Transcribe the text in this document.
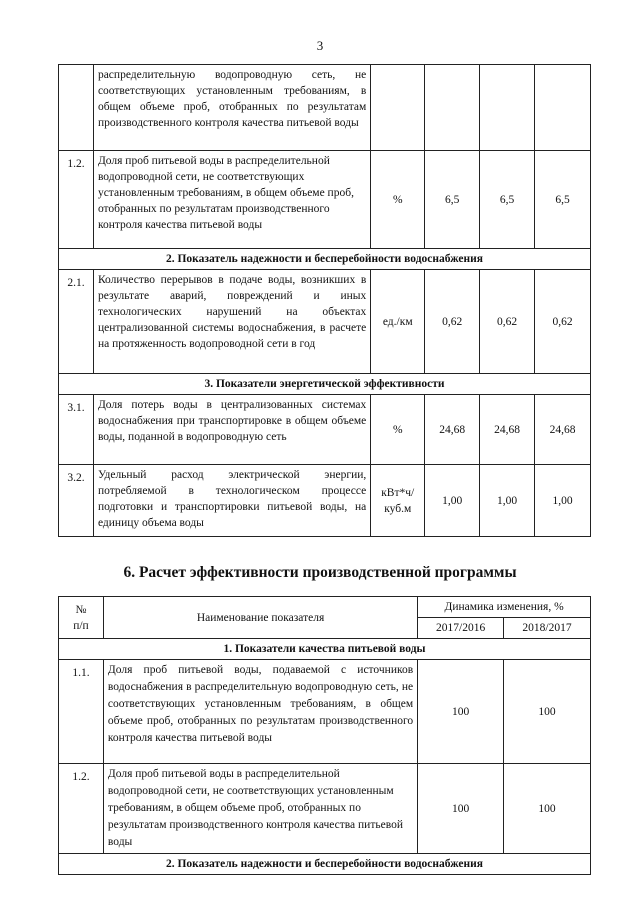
3
	распределительную водопроводную сеть, не соответствующих установленным требованиям, в общем объеме проб, отобранных по результатам производственного контроля качества питьевой воды				
1.2.	Доля проб питьевой воды в распределительной водопроводной сети, не соответствующих установленным требованиям, в общем объеме проб, отобранных по результатам производственного контроля качества питьевой воды	%	6,5	6,5	6,5
2. Показатель надежности и бесперебойности водоснабжения					
2.1.	Количество перерывов в подаче воды, возникших в результате аварий, повреждений и иных технологических нарушений на объектах централизованной системы водоснабжения, в расчете на протяженность водопроводной сети в год	ед./км	0,62	0,62	0,62
3. Показатели энергетической эффективности					
3.1.	Доля потерь воды в централизованных системах водоснабжения при транспортировке в общем объеме воды, поданной в водопроводную сеть	%	24,68	24,68	24,68
3.2.	Удельный расход электрической энергии, потребляемой в технологическом процессе подготовки и транспортировки питьевой воды, на единицу объема воды	кВт*ч/
куб.м	1,00	1,00	1,00
6. Расчет эффективности производственной программы
№
п/п	Наименование показателя	Динамика изменения, %	
		2017/2016	2018/2017
1. Показатели качества питьевой воды			
1.1.	Доля проб питьевой воды, подаваемой с источников водоснабжения в распределительную водопроводную сеть, не соответствующих установленным требованиям, в общем объеме проб, отобранных по результатам производственного контроля качества питьевой воды	100	100
1.2.	Доля проб питьевой воды в распределительной водопроводной сети, не соответствующих установленным требованиям, в общем объеме проб, отобранных по результатам производственного контроля качества питьевой воды	100	100
2. Показатель надежности и бесперебойности водоснабжения			
